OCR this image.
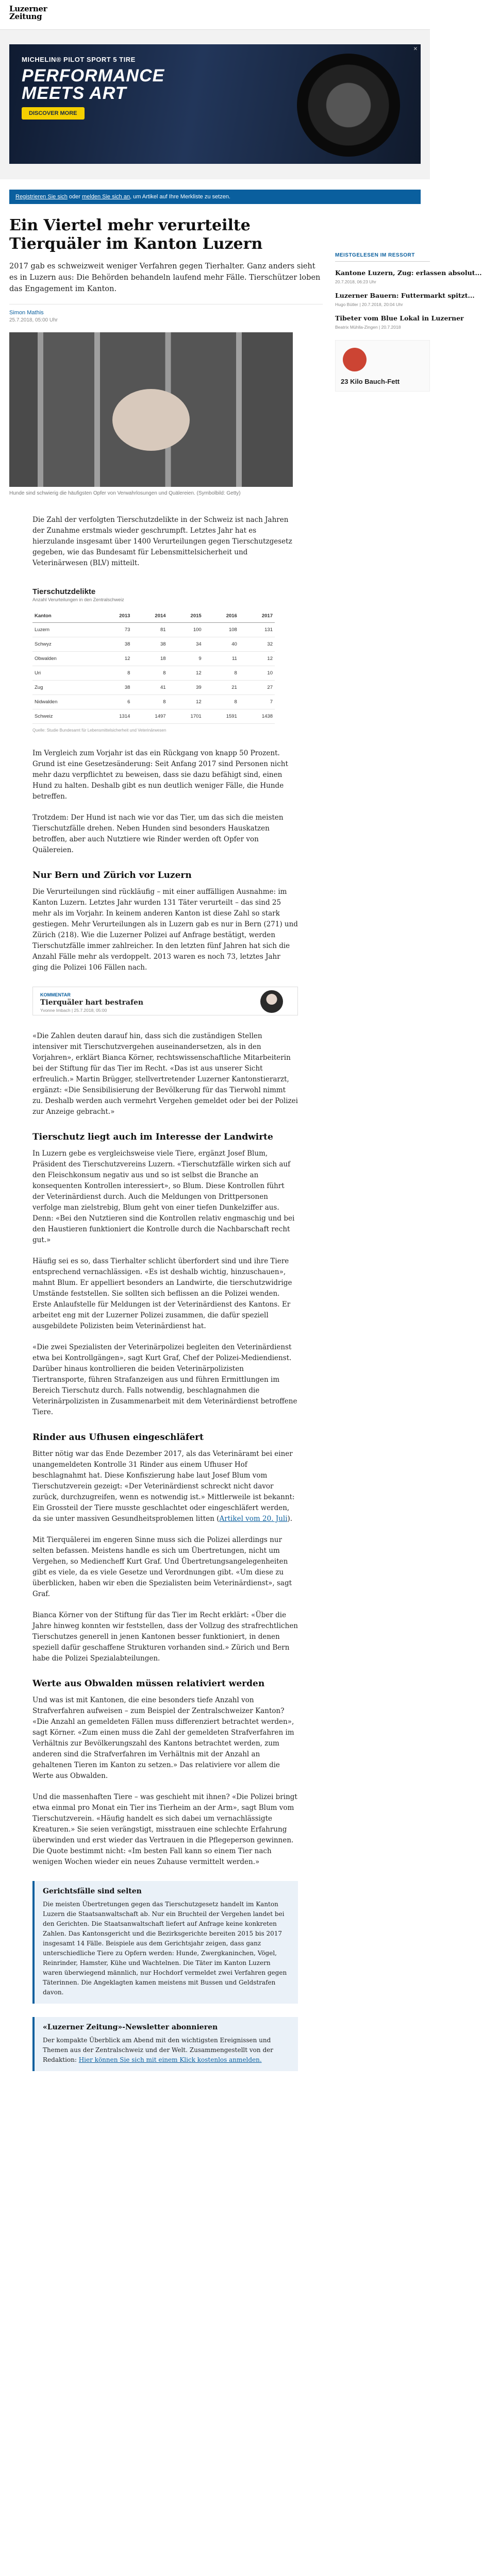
Luzerner
Zeitung
MICHELIN® PILOT SPORT 5 TIRE
PERFORMANCE
MEETS ART
DISCOVER MORE
✕
Registrieren Sie sich oder melden Sie sich an, um Artikel auf Ihre Merkliste zu setzen.
Ein Viertel mehr verurteilte Tierquäler im Kanton Luzern
2017 gab es schweizweit weniger Verfahren gegen Tierhalter. Ganz anders sieht es in Luzern aus: Die Behörden behandeln laufend mehr Fälle. Tierschützer loben das Engagement im Kanton.
Simon Mathis
25.7.2018, 05:00 Uhr
Hunde sind schwierig die häufigsten Opfer von Verwahrlosungen und Quälereien. (Symbolbild: Getty)

Die Zahl der verfolgten Tierschutzdelikte in der Schweiz ist nach Jahren der Zunahme erstmals wieder geschrumpft. Letztes Jahr hat es hierzulande insgesamt über 1400 Verurteilungen gegen Tierschutzgesetz gegeben, wie das Bundesamt für Lebensmittelsicherheit und Veterinärwesen (BLV) mitteilt.

Tierschutzdelikte
Anzahl Verurteilungen in den Zentralschweiz
Kanton	2013	2014	2015	2016	2017
Luzern	73	81	100	108	131
Schwyz	38	38	34	40	32
Obwalden	12	18	9	11	12
Uri	8	8	12	8	10
Zug	38	41	39	21	27
Nidwalden	6	8	12	8	7
Schweiz	1314	1497	1701	1591	1438
Quelle: Studie Bundesamt für Lebensmittelsicherheit und Veterinärwesen

Im Vergleich zum Vorjahr ist das ein Rückgang von knapp 50 Prozent. Grund ist eine Gesetzesänderung: Seit Anfang 2017 sind Personen nicht mehr dazu verpflichtet zu beweisen, dass sie dazu befähigt sind, einen Hund zu halten. Deshalb gibt es nun deutlich weniger Fälle, die Hunde betreffen.

Trotzdem: Der Hund ist nach wie vor das Tier, um das sich die meisten Tierschutzfälle drehen. Neben Hunden sind besonders Hauskatzen betroffen, aber auch Nutztiere wie Rinder werden oft Opfer von Quälereien.

Nur Bern und Zürich vor Luzern

Die Verurteilungen sind rückläufig – mit einer auffälligen Ausnahme: im Kanton Luzern. Letztes Jahr wurden 131 Täter verurteilt – das sind 25 mehr als im Vorjahr. In keinem anderen Kanton ist diese Zahl so stark gestiegen. Mehr Verurteilungen als in Luzern gab es nur in Bern (271) und Zürich (218). Wie die Luzerner Polizei auf Anfrage bestätigt, werden Tierschutzfälle immer zahlreicher. In den letzten fünf Jahren hat sich die Anzahl Fälle mehr als verdoppelt. 2013 waren es noch 73, letztes Jahr ging die Polizei 106 Fällen nach.

KOMMENTAR
Tierquäler hart bestrafen
Yvonne Imbach | 25.7.2018, 05:00

«Die Zahlen deuten darauf hin, dass sich die zuständigen Stellen intensiver mit Tierschutzvergehen auseinandersetzen, als in den Vorjahren», erklärt Bianca Körner, rechtswissenschaftliche Mitarbeiterin bei der Stiftung für das Tier im Recht. «Das ist aus unserer Sicht erfreulich.» Martin Brügger, stellvertretender Luzerner Kantonstierarzt, ergänzt: «Die Sensibilisierung der Bevölkerung für das Tierwohl nimmt zu. Deshalb werden auch vermehrt Vergehen gemeldet oder bei der Polizei zur Anzeige gebracht.»

Tierschutz liegt auch im Interesse der Landwirte

In Luzern gebe es vergleichsweise viele Tiere, ergänzt Josef Blum, Präsident des Tierschutzvereins Luzern. «Tierschutzfälle wirken sich auf den Fleischkonsum negativ aus und so ist selbst die Branche an konsequenten Kontrollen interessiert», so Blum. Diese Kontrollen führt der Veterinärdienst durch. Auch die Meldungen von Drittpersonen verfolge man zielstrebig, Blum geht von einer tiefen Dunkelziffer aus. Denn: «Bei den Nutztieren sind die Kontrollen relativ engmaschig und bei den Haustieren funktioniert die Kontrolle durch die Nachbarschaft recht gut.»

Häufig sei es so, dass Tierhalter schlicht überfordert sind und ihre Tiere entsprechend vernachlässigen. «Es ist deshalb wichtig, hinzuschauen», mahnt Blum. Er appelliert besonders an Landwirte, die tierschutzwidrige Umstände feststellen. Sie sollten sich beflissen an die Polizei wenden. Erste Anlaufstelle für Meldungen ist der Veterinärdienst des Kantons. Er arbeitet eng mit der Luzerner Polizei zusammen, die dafür speziell ausgebildete Polizisten beim Veterinärdienst hat.

«Die zwei Spezialisten der Veterinärpolizei begleiten den Veterinärdienst etwa bei Kontrollgängen», sagt Kurt Graf, Chef der Polizei-Mediendienst. Darüber hinaus kontrollieren die beiden Veterinärpolizisten Tiertransporte, führen Strafanzeigen aus und führen Ermittlungen im Bereich Tierschutz durch. Falls notwendig, beschlagnahmen die Veterinärpolizisten in Zusammenarbeit mit dem Veterinärdienst betroffene Tiere.

Rinder aus Ufhusen eingeschläfert

Bitter nötig war das Ende Dezember 2017, als das Veterinäramt bei einer unangemeldeten Kontrolle 31 Rinder aus einem Ufhuser Hof beschlagnahmt hat. Diese Konfiszierung habe laut Josef Blum vom Tierschutzverein gezeigt: «Der Veterinärdienst schreckt nicht davor zurück, durchzugreifen, wenn es notwendig ist.» Mittlerweile ist bekannt: Ein Grossteil der Tiere musste geschlachtet oder eingeschläfert werden, da sie unter massiven Gesundheitsproblemen litten (Artikel vom 20. Juli).

Mit Tierquälerei im engeren Sinne muss sich die Polizei allerdings nur selten befassen. Meistens handle es sich um Übertretungen, nicht um Vergehen, so Mediencheff Kurt Graf. Und Übertretungsangelegenheiten gibt es viele, da es viele Gesetze und Verordnungen gibt. «Um diese zu überblicken, haben wir eben die Spezialisten beim Veterinärdienst», sagt Graf.

Bianca Körner von der Stiftung für das Tier im Recht erklärt: «Über die Jahre hinweg konnten wir feststellen, dass der Vollzug des strafrechtlichen Tierschutzes generell in jenen Kantonen besser funktioniert, in denen speziell dafür geschaffene Strukturen vorhanden sind.» Zürich und Bern habe die Polizei Spezialabteilungen.

Werte aus Obwalden müssen relativiert werden

Und was ist mit Kantonen, die eine besonders tiefe Anzahl von Strafverfahren aufweisen – zum Beispiel der Zentralschweizer Kanton? «Die Anzahl an gemeldeten Fällen muss differenziert betrachtet werden», sagt Körner. «Zum einen muss die Zahl der gemeldeten Strafverfahren im Verhältnis zur Bevölkerungszahl des Kantons betrachtet werden, zum anderen sind die Strafverfahren im Verhältnis mit der Anzahl an gehaltenen Tieren im Kanton zu setzen.» Das relativiere vor allem die Werte aus Obwalden.

Und die massenhaften Tiere – was geschieht mit ihnen? «Die Polizei bringt etwa einmal pro Monat ein Tier ins Tierheim an der Arm», sagt Blum vom Tierschutzverein. «Häufig handelt es sich dabei um vernachlässigte Kreaturen.» Sie seien verängstigt, misstrauen eine schlechte Erfahrung überwinden und erst wieder das Vertrauen in die Pflegeperson gewinnen. Die Quote bestimmt nicht: «Im besten Fall kann so einem Tier nach wenigen Wochen wieder ein neues Zuhause vermittelt werden.»

Gerichtsfälle sind selten

Die meisten Übertretungen gegen das Tierschutzgesetz handelt im Kanton Luzern die Staatsanwaltschaft ab. Nur ein Bruchteil der Vergehen landet bei den Gerichten. Die Staatsanwaltschaft liefert auf Anfrage keine konkreten Zahlen. Das Kantonsgericht und die Bezirksgerichte bereiten 2015 bis 2017 insgesamt 14 Fälle. Beispiele aus dem Gerichtsjahr zeigen, dass ganz unterschiedliche Tiere zu Opfern werden: Hunde, Zwergkaninchen, Vögel, Reinrinder, Hamster, Kühe und Wachtelnen. Die Täter im Kanton Luzern waren überwiegend männlich, nur Hochdorf vermeldet zwei Verfahren gegen Täterinnen. Die Angeklagten kamen meistens mit Bussen und Geldstrafen davon.

«Luzerner Zeitung»-Newsletter abonnieren

Der kompakte Überblick am Abend mit den wichtigsten Ereignissen und Themen aus der Zentralschweiz und der Welt. Zusammengestellt von der Redaktion: Hier können Sie sich mit einem Klick kostenlos anmelden.

MEISTGELESEN IM RESSORT
Kantone Luzern, Zug: erlassen absolut...
20.7.2018, 06:23 Uhr
Luzerner Bauern: Futtermarkt spitzt...
Hugo Bütler | 20.7.2018, 20:04 Uhr
Tibeter vom Blue Lokal in Luzerner
Beatrix Mühlla-Zingen | 20.7.2018
23 Kilo Bauch-Fett
